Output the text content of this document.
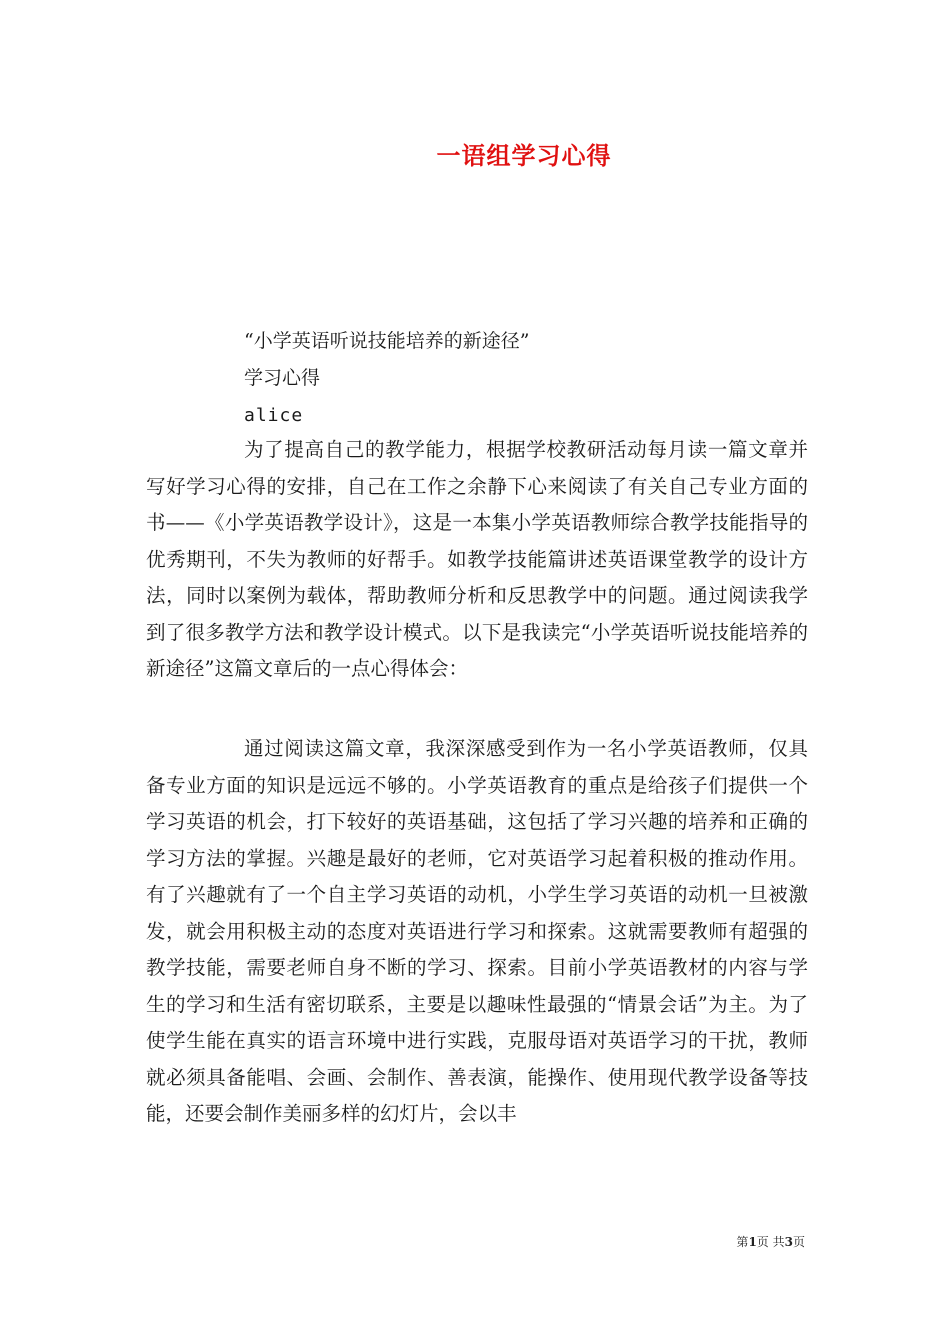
一语组学习心得
“小学英语听说技能培养的新途径”
学习心得
alice

为了提高自己的教学能力，根据学校教研活动每月读一篇文章并写好学习心得的安排，自己在工作之余静下心来阅读了有关自己专业方面的书——《小学英语教学设计》，这是一本集小学英语教师综合教学技能指导的优秀期刊，不失为教师的好帮手。如教学技能篇讲述英语课堂教学的设计方法，同时以案例为载体，帮助教师分析和反思教学中的问题。通过阅读我学到了很多教学方法和教学设计模式。以下是我读完“小学英语听说技能培养的新途径”这篇文章后的一点心得体会：

通过阅读这篇文章，我深深感受到作为一名小学英语教师，仅具备专业方面的知识是远远不够的。小学英语教育的重点是给孩子们提供一个学习英语的机会，打下较好的英语基础，这包括了学习兴趣的培养和正确的学习方法的掌握。兴趣是最好的老师，它对英语学习起着积极的推动作用。有了兴趣就有了一个自主学习英语的动机，小学生学习英语的动机一旦被激发，就会用积极主动的态度对英语进行学习和探索。这就需要教师有超强的教学技能，需要老师自身不断的学习、探索。目前小学英语教材的内容与学生的学习和生活有密切联系，主要是以趣味性最强的“情景会话”为主。为了使学生能在真实的语言环境中进行实践，克服母语对英语学习的干扰，教师就必须具备能唱、会画、会制作、善表演，能操作、使用现代教学设备等技能，还要会制作美丽多样的幻灯片，会以丰

第1页 共3页
